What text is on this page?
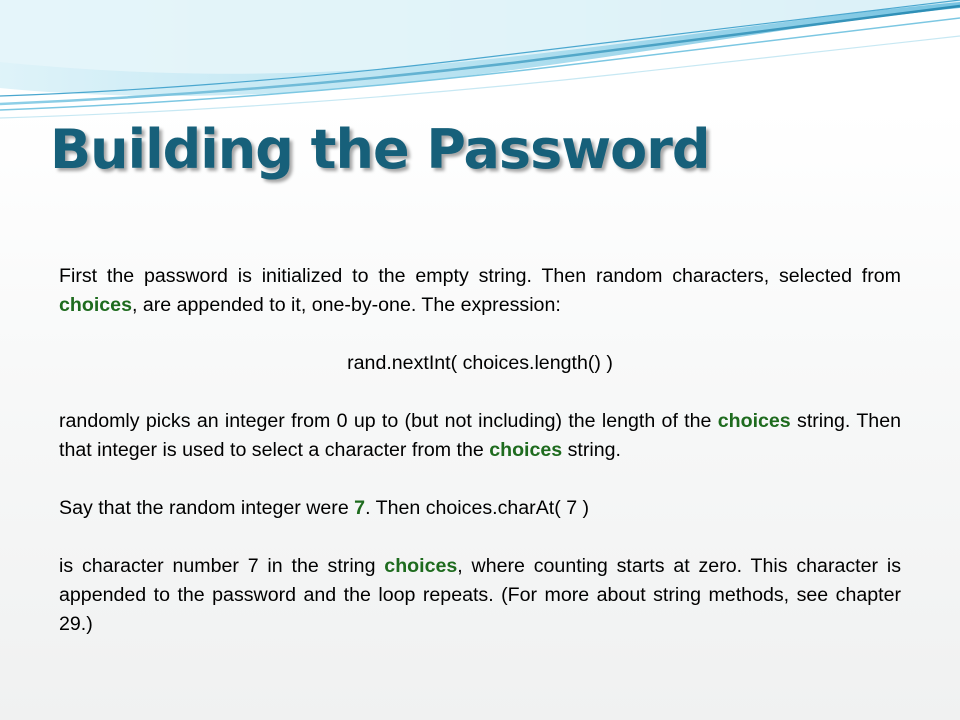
Building the Password

First the password is initialized to the empty string. Then random characters, selected from choices, are appended to it, one-by-one. The expression:

rand.nextInt( choices.length() )

randomly picks an integer from 0 up to (but not including) the length of the choices string. Then that integer is used to select a character from the choices string.

Say that the random integer were 7. Then choices.charAt( 7 )

is character number 7 in the string choices, where counting starts at zero. This character is appended to the password and the loop repeats. (For more about string methods, see chapter 29.)
